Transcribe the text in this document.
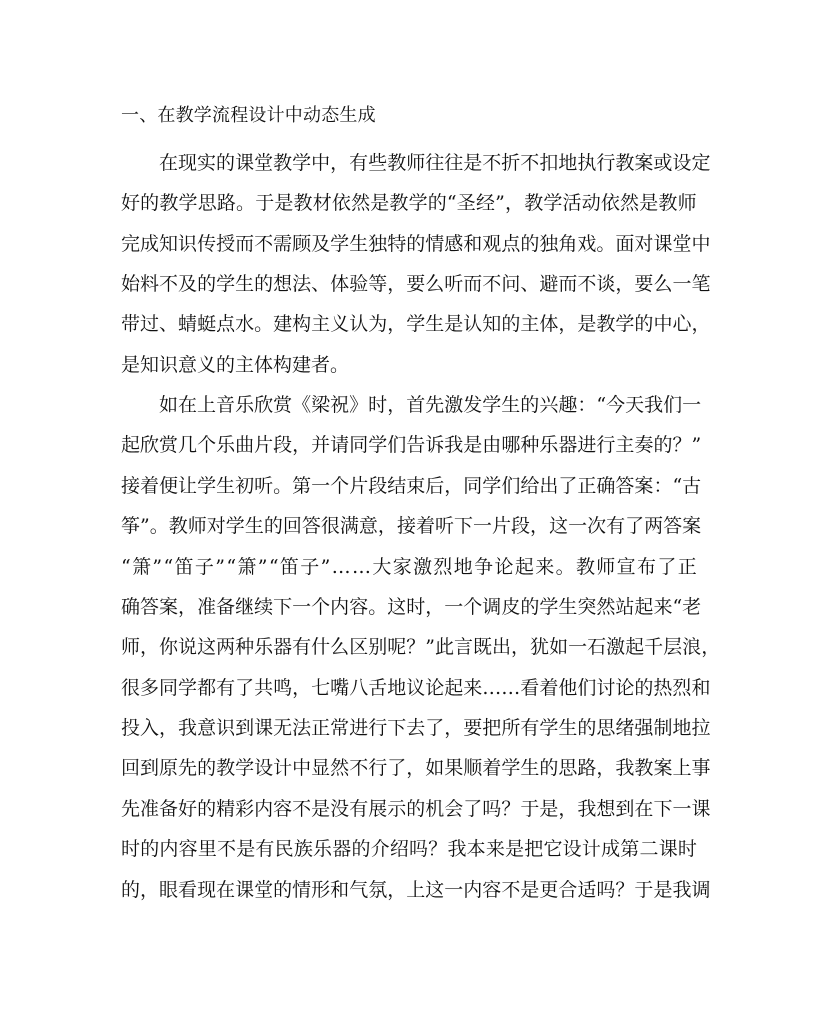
一、在教学流程设计中动态生成
在 现 实 的 课 堂 教 学 中 ， 有 些 教 师 往 往 是 不 折 不 扣 地 执 行 教 案 或 设 定
好 的 教 学 思 路 。 于 是 教 材 依 然 是 教 学 的 “ 圣 经 ” ， 教 学 活 动 依 然 是 教 师
完 成 知 识 传 授 而 不 需 顾 及 学 生 独 特 的 情 感 和 观 点 的 独 角 戏 。 面 对 课 堂 中
始 料 不 及 的 学 生 的 想 法 、 体 验 等 ， 要 么 听 而 不 问 、 避 而 不 谈 ， 要 么 一 笔
带 过 、 蜻 蜓 点 水 。 建 构 主 义 认 为 ， 学 生 是 认 知 的 主 体 ， 是 教 学 的 中 心 ，
是知识意义的主体构建者。
如 在 上 音 乐 欣 赏 《 梁 祝 》 时 ， 首 先 激 发 学 生 的 兴 趣 ： “ 今 天 我 们 一
起 欣 赏 几 个 乐 曲 片 段 ， 并 请 同 学 们 告 诉 我 是 由 哪 种 乐 器 进 行 主 奏 的 ？ ”
接 着 便 让 学 生 初 听 。 第 一 个 片 段 结 束 后 ， 同 学 们 给 出 了 正 确 答 案 ： “ 古
筝 ” 。 教 师 对 学 生 的 回 答 很 满 意 ， 接 着 听 下 一 片 段 ， 这 一 次 有 了 两 答 案
“ 箫 ” “ 笛 子 ” “ 箫 ” “ 笛 子 ” … … 大 家 激 烈 地 争 论 起 来 。 教 师 宣 布 了 正
确 答 案 ， 准 备 继 续 下 一 个 内 容 。 这 时 ， 一 个 调 皮 的 学 生 突 然 站 起 来 “ 老
师 ， 你 说 这 两 种 乐 器 有 什 么 区 别 呢 ？ ” 此 言 既 出 ， 犹 如 一 石 激 起 千 层 浪 ，
很 多 同 学 都 有 了 共 鸣 ， 七 嘴 八 舌 地 议 论 起 来 … … 看 着 他 们 讨 论 的 热 烈 和
投 入 ， 我 意 识 到 课 无 法 正 常 进 行 下 去 了 ， 要 把 所 有 学 生 的 思 绪 强 制 地 拉
回 到 原 先 的 教 学 设 计 中 显 然 不 行 了 ， 如 果 顺 着 学 生 的 思 路 ， 我 教 案 上 事
先 准 备 好 的 精 彩 内 容 不 是 没 有 展 示 的 机 会 了 吗 ？ 于 是 ， 我 想 到 在 下 一 课
时 的 内 容 里 不 是 有 民 族 乐 器 的 介 绍 吗 ？ 我 本 来 是 把 它 设 计 成 第 二 课 时
的 ， 眼 看 现 在 课 堂 的 情 形 和 气 氛 ， 上 这 一 内 容 不 是 更 合 适 吗 ？ 于 是 我 调
